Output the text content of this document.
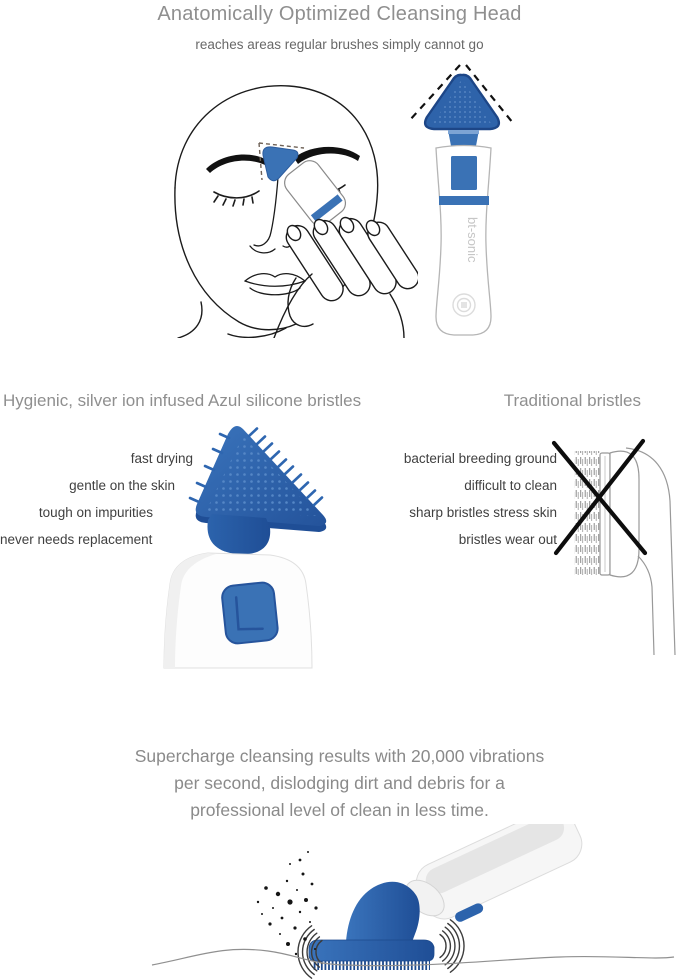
Anatomically Optimized Cleansing Head
reaches areas regular brushes simply cannot go
bt-sonic
Hygienic, silver ion infused Azul silicone bristles	Traditional bristles
fast drying
gentle on the skin
tough on impurities
never needs replacement
bacterial breeding ground
difficult to clean
sharp bristles stress skin
bristles wear out
Supercharge cleansing results with 20,000 vibrations
per second, dislodging dirt and debris for a
professional level of clean in less time.
